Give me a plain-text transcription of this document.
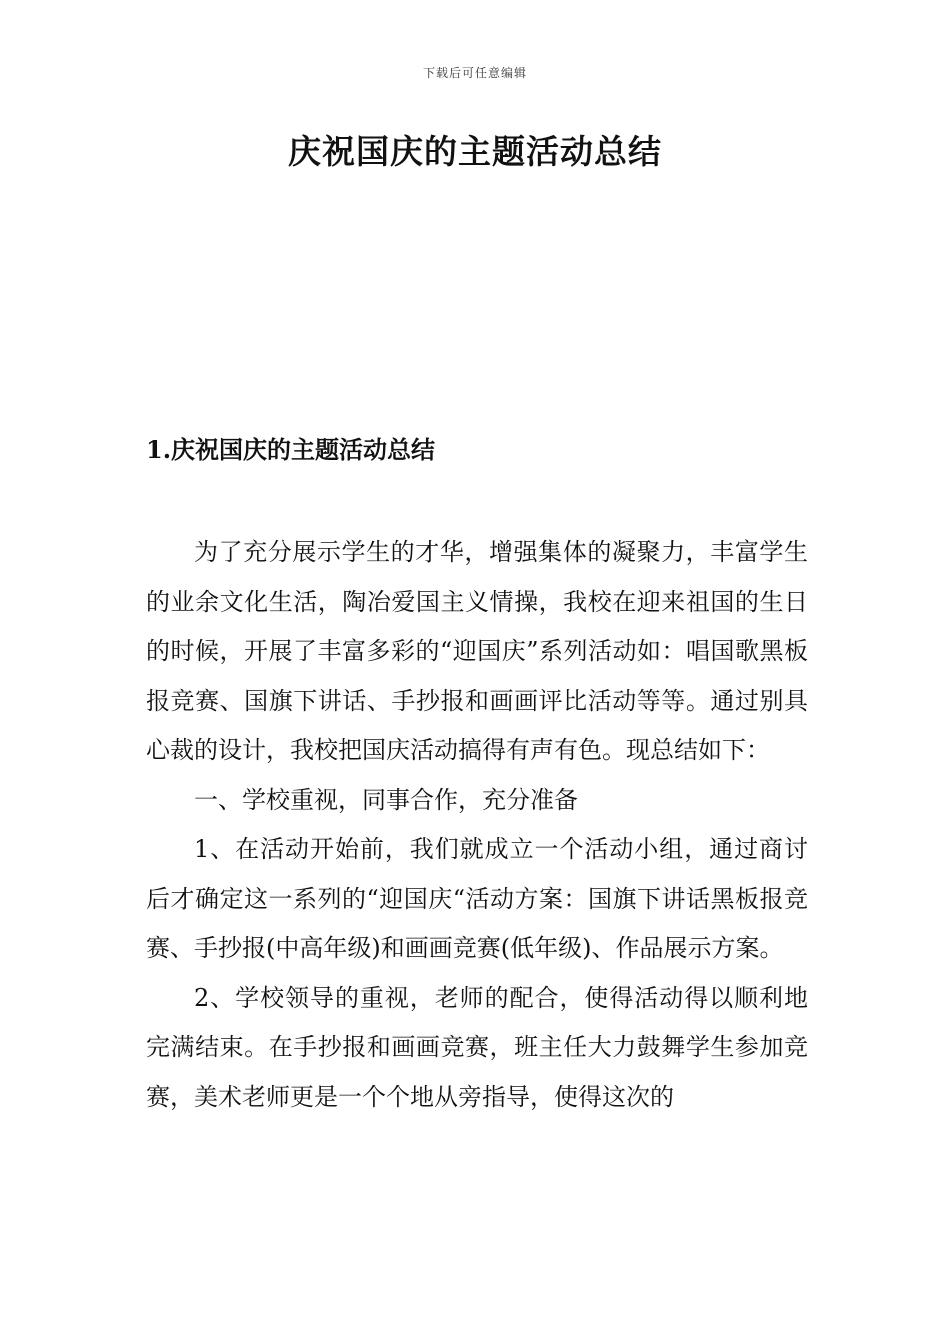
下载后可任意编辑
庆祝国庆的主题活动总结
1.庆祝国庆的主题活动总结

为了充分展示学生的才华，增强集体的凝聚力，丰富学生的业余文化生活，陶冶爱国主义情操，我校在迎来祖国的生日的时候，开展了丰富多彩的“迎国庆”系列活动如：唱国歌黑板报竞赛、国旗下讲话、手抄报和画画评比活动等等。通过别具心裁的设计，我校把国庆活动搞得有声有色。现总结如下：

一、学校重视，同事合作，充分准备

1、在活动开始前，我们就成立一个活动小组，通过商讨后才确定这一系列的“迎国庆“活动方案：国旗下讲话黑板报竞赛、手抄报(中高年级)和画画竞赛(低年级)、作品展示方案。

2、学校领导的重视，老师的配合，使得活动得以顺利地完满结束。在手抄报和画画竞赛，班主任大力鼓舞学生参加竞赛，美术老师更是一个个地从旁指导，使得这次的
